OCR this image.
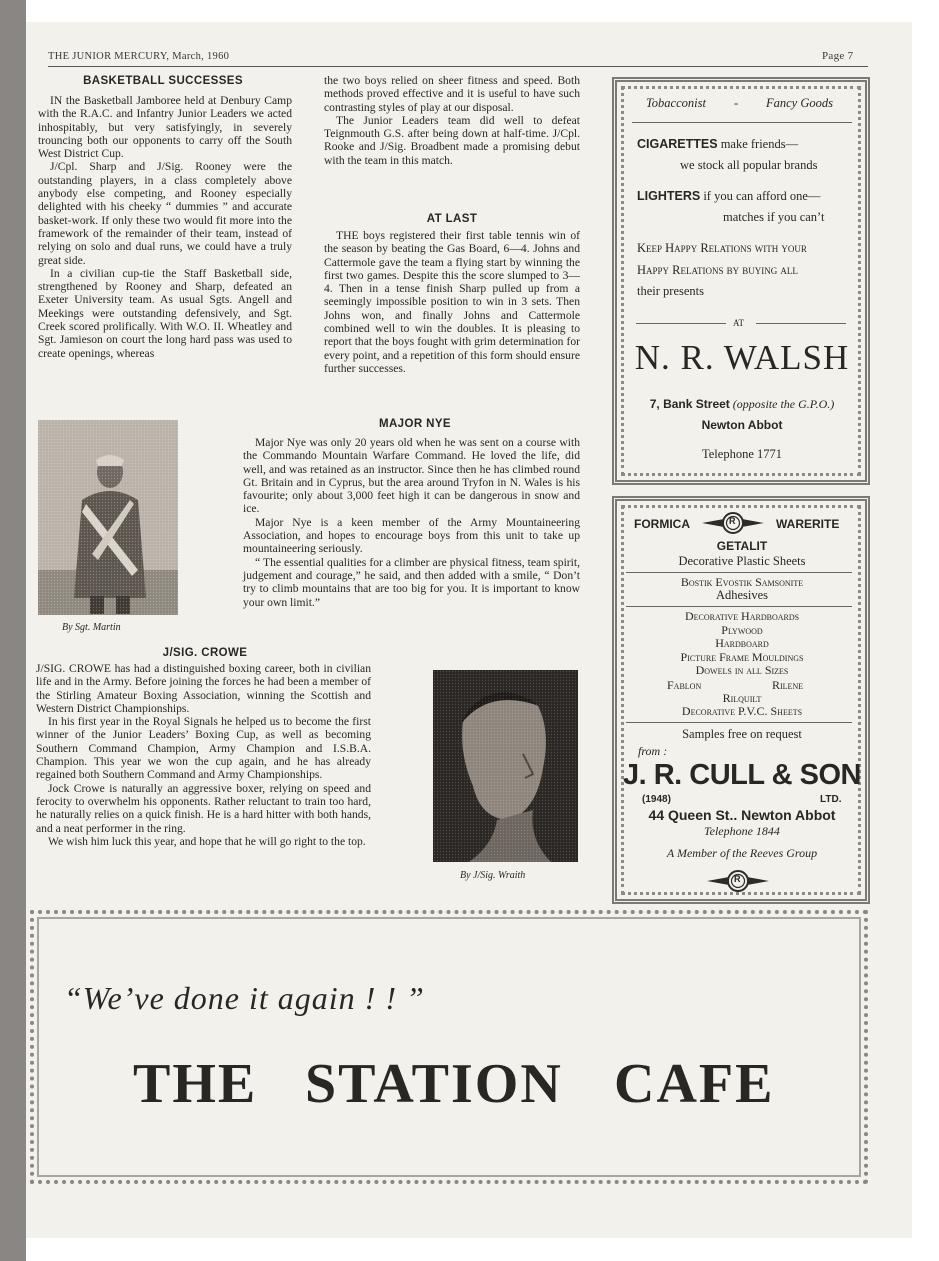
THE JUNIOR MERCURY, March, 1960	Page 7
BASKETBALL SUCCESSES

IN the Basketball Jamboree held at Denbury Camp with the R.A.C. and Infantry Junior Leaders we acted inhospitably, but very satisfyingly, in severely trouncing both our opponents to carry off the South West District Cup.

J/Cpl. Sharp and J/Sig. Rooney were the outstanding players, in a class completely above anybody else competing, and Rooney especially delighted with his cheeky “ dummies ” and accurate basket-work. If only these two would fit more into the framework of the remainder of their team, instead of relying on solo and dual runs, we could have a truly great side.

In a civilian cup-tie the Staff Basketball side, strengthened by Rooney and Sharp, defeated an Exeter University team. As usual Sgts. Angell and Meekings were outstanding defensively, and Sgt. Creek scored prolifically. With W.O. II. Wheatley and Sgt. Jamieson on court the long hard pass was used to create openings, whereas

the two boys relied on sheer fitness and speed. Both methods proved effective and it is useful to have such contrasting styles of play at our disposal.

The Junior Leaders team did well to defeat Teignmouth G.S. after being down at half-time. J/Cpl. Rooke and J/Sig. Broadbent made a promising debut with the team in this match.

AT LAST

THE boys registered their first table tennis win of the season by beating the Gas Board, 6—4. Johns and Cattermole gave the team a flying start by winning the first two games. Despite this the score slumped to 3—4. Then in a tense finish Sharp pulled up from a seemingly impossible position to win in 3 sets. Then Johns won, and finally Johns and Cattermole combined well to win the doubles. It is pleasing to report that the boys fought with grim determination for every point, and a repetition of this form should ensure further successes.

MAJOR NYE
By Sgt. Martin

Major Nye was only 20 years old when he was sent on a course with the Commando Mountain Warfare Command. He loved the life, did well, and was retained as an instructor. Since then he has climbed round Gt. Britain and in Cyprus, but the area around Tryfon in N. Wales is his favourite; only about 3,000 feet high it can be dangerous in snow and ice.

Major Nye is a keen member of the Army Mountaineering Association, and hopes to encourage boys from this unit to take up mountaineering seriously.

“ The essential qualities for a climber are physical fitness, team spirit, judgement and courage,” he said, and then added with a smile, “ Don’t try to climb mountains that are too big for you. It is important to know your own limit.”

J/SIG. CROWE

J/SIG. CROWE has had a distinguished boxing career, both in civilian life and in the Army. Before joining the forces he had been a member of the Stirling Amateur Boxing Association, winning the Scottish and Western District Championships.

In his first year in the Royal Signals he helped us to become the first winner of the Junior Leaders’ Boxing Cup, as well as becoming Southern Command Champion, Army Champion and I.S.B.A. Champion. This year we won the cup again, and he has already regained both Southern Command and Army Championships.

Jock Crowe is naturally an aggressive boxer, relying on speed and ferocity to overwhelm his opponents. Rather reluctant to train too hard, he naturally relies on a quick finish. He is a hard hitter with both hands, and a neat performer in the ring.

We wish him luck this year, and hope that he will go right to the top.

By J/Sig. Wraith
Tobacconist - Fancy Goods
CIGARETTES make friends—
we stock all popular brands
LIGHTERS if you can afford one—
matches if you can’t
Keep Happy Relations with your
Happy Relations by buying all
their presents
AT
N. R. WALSH
7, Bank Street (opposite the G.P.O.)
Newton Abbot
Telephone 1771
FORMICA	R	WARERITE
GETALIT
Decorative Plastic Sheets
Bostik Evostik Samsonite
Adhesives
Decorative Hardboards
Plywood
Hardboard
Picture Frame Mouldings
Dowels in all Sizes
Fablon	Rilene
Rilquilt
Decorative P.V.C. Sheets
Samples free on request
from :
J. R. CULL & SON
(1948)	LTD.
44 Queen St.. Newton Abbot
Telephone 1844
A Member of the Reeves Group
R
“We’ve done it again ! ! ”
THE STATION CAFE
